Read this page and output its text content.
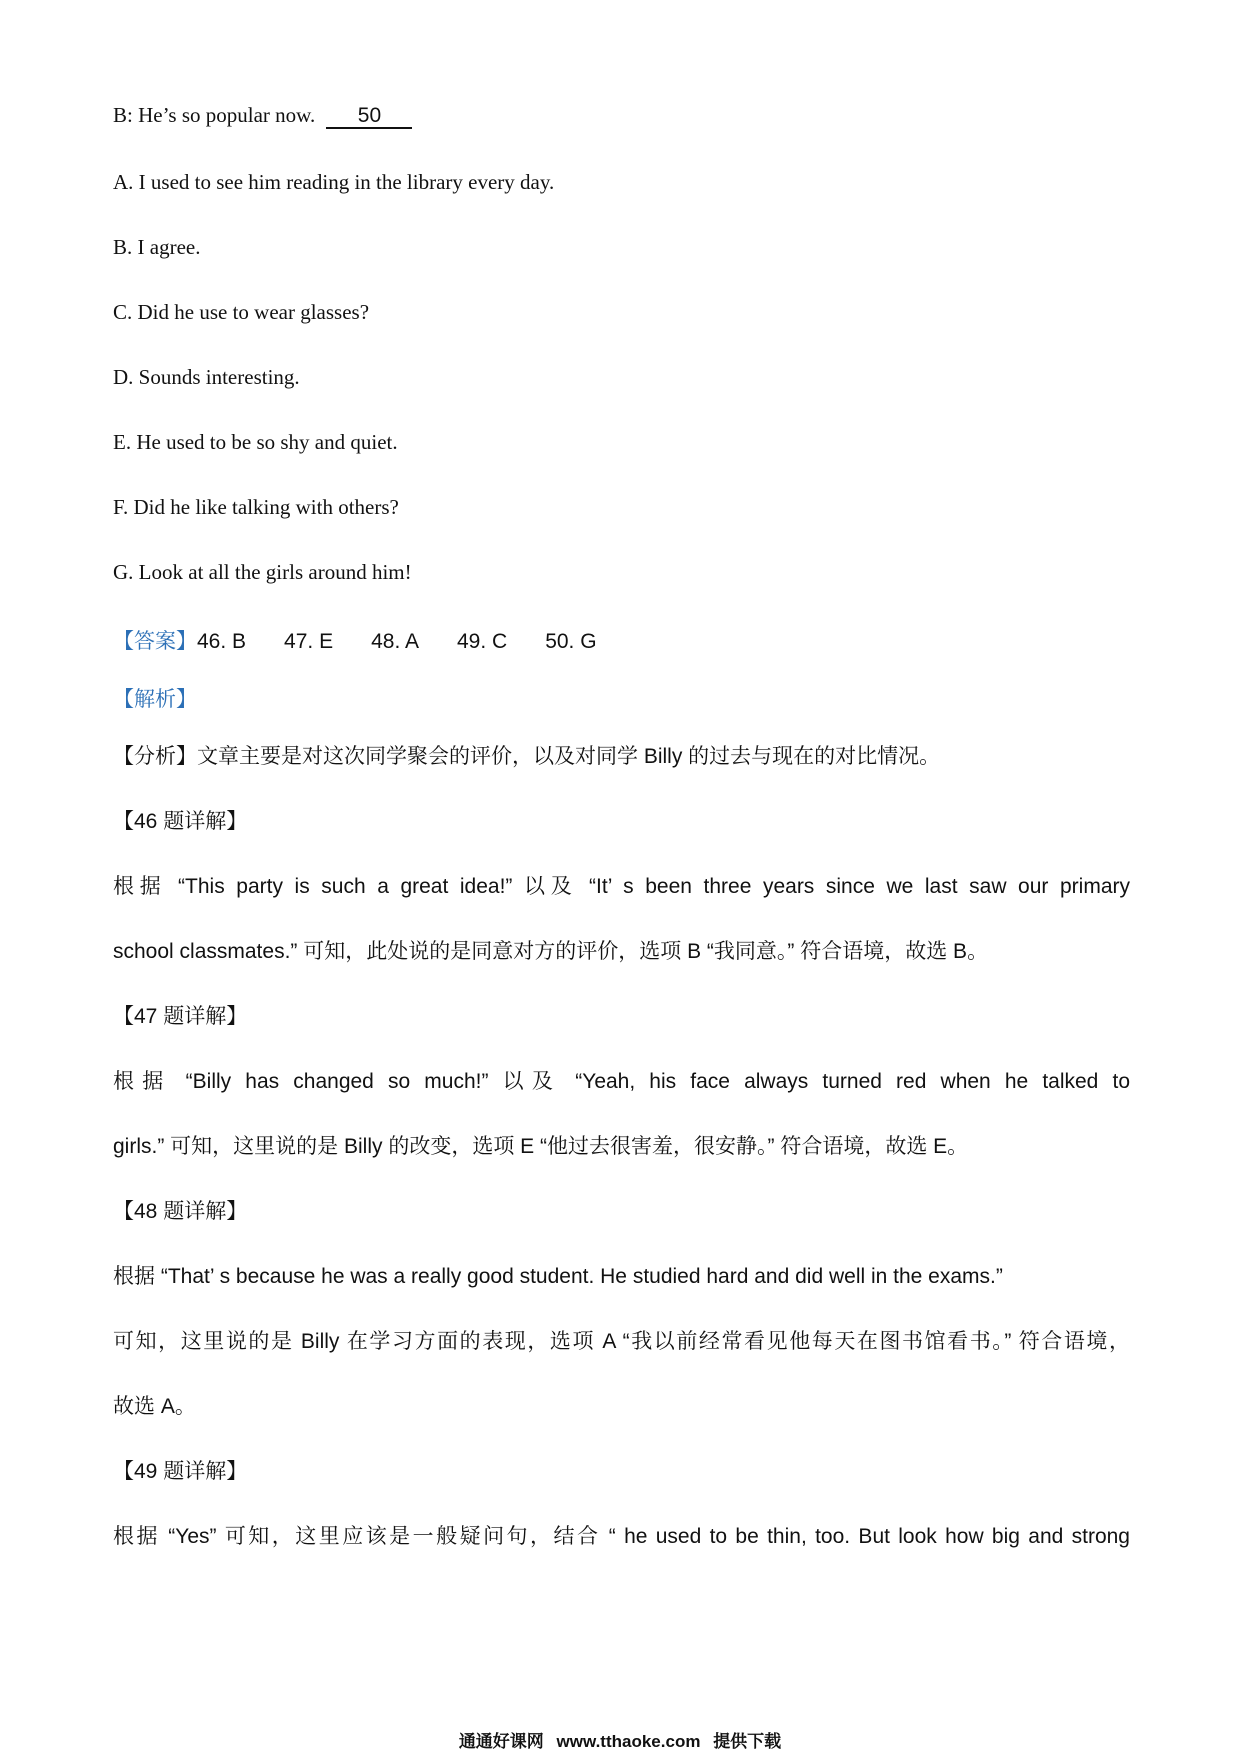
B: He’s so popular now. 50
A. I used to see him reading in the library every day.
B. I agree.
C. Did he use to wear glasses?
D. Sounds interesting.
E. He used to be so shy and quiet.
F. Did he like talking with others?
G. Look at all the girls around him!
【答案】46. B 47. E 48. A 49. C 50. G
【解析】
【分析】文章主要是对这次同学聚会的评价，以及对同学 Billy 的过去与现在的对比情况。
【46 题详解】
根据 “This party is such a great idea!” 以及 “It’ s been three years since we last saw our primary
school classmates.” 可知，此处说的是同意对方的评价，选项 B “我同意。” 符合语境，故选 B。
【47 题详解】
根据 “Billy has changed so much!” 以及 “Yeah, his face always turned red when he talked to
girls.” 可知，这里说的是 Billy 的改变，选项 E “他过去很害羞，很安静。” 符合语境，故选 E。
【48 题详解】
根据 “That’ s because he was a really good student. He studied hard and did well in the exams.”
可知，这里说的是 Billy 在学习方面的表现，选项 A “我以前经常看见他每天在图书馆看书。” 符合语境，
故选 A。
【49 题详解】
根据 “Yes” 可知，这里应该是一般疑问句，结合 “ he used to be thin, too. But look how big and strong
通通好课网 www.tthaoke.com 提供下载
